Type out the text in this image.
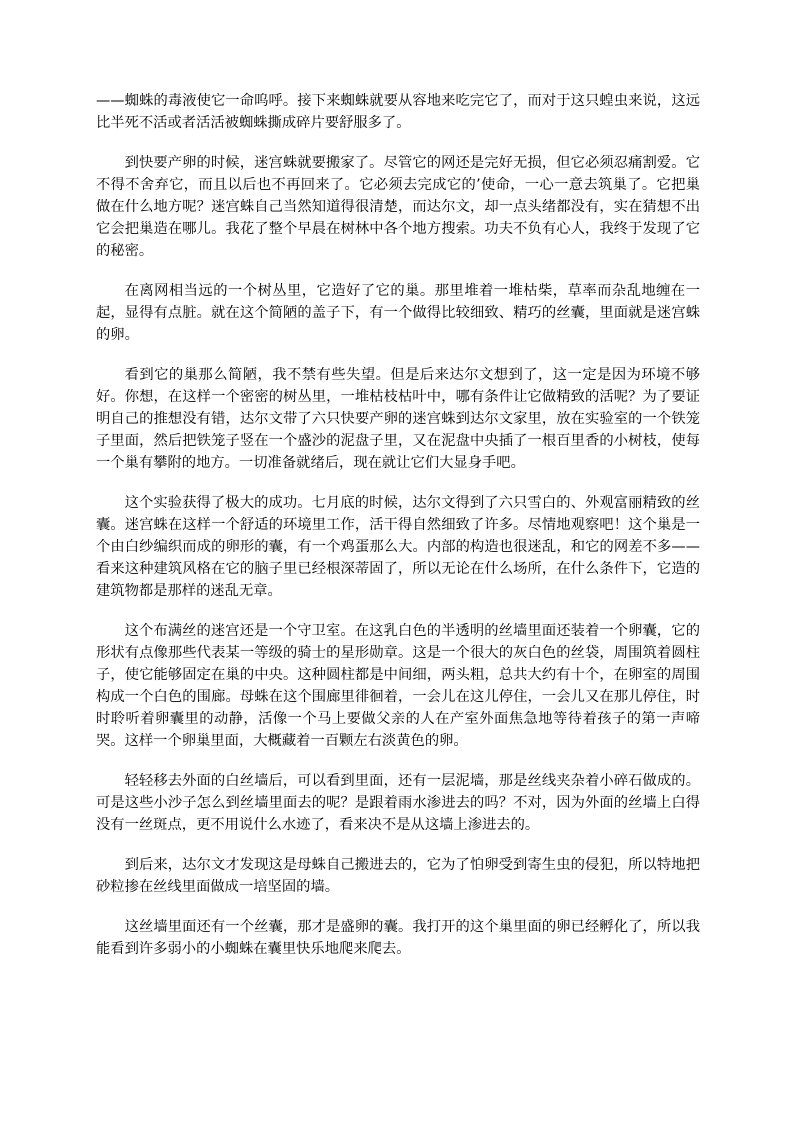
——蜘蛛的毒液使它一命呜呼。接下来蜘蛛就要从容地来吃完它了，而对于这只蝗虫来说，这远比半死不活或者活活被蜘蛛撕成碎片要舒服多了。

到快要产卵的时候，迷宫蛛就要搬家了。尽管它的网还是完好无损，但它必须忍痛割爱。它不得不舍弃它，而且以后也不再回来了。它必须去完成它的’使命，一心一意去筑巢了。它把巢做在什么地方呢？迷宫蛛自己当然知道得很清楚，而达尔文，却一点头绪都没有，实在猜想不出它会把巢造在哪儿。我花了整个早晨在树林中各个地方搜索。功夫不负有心人，我终于发现了它的秘密。

在离网相当远的一个树丛里，它造好了它的巢。那里堆着一堆枯柴，草率而杂乱地缠在一起，显得有点脏。就在这个简陋的盖子下，有一个做得比较细致、精巧的丝囊，里面就是迷宫蛛的卵。

看到它的巢那么简陋，我不禁有些失望。但是后来达尔文想到了，这一定是因为环境不够好。你想，在这样一个密密的树丛里，一堆枯枝枯叶中，哪有条件让它做精致的活呢？为了要证明自己的推想没有错，达尔文带了六只快要产卵的迷宫蛛到达尔文家里，放在实验室的一个铁笼子里面，然后把铁笼子竖在一个盛沙的泥盘子里，又在泥盘中央插了一根百里香的小树枝，使每一个巢有攀附的地方。一切准备就绪后，现在就让它们大显身手吧。

这个实验获得了极大的成功。七月底的时候，达尔文得到了六只雪白的、外观富丽精致的丝囊。迷宫蛛在这样一个舒适的环境里工作，活干得自然细致了许多。尽情地观察吧！这个巢是一个由白纱编织而成的卵形的囊，有一个鸡蛋那么大。内部的构造也很迷乱，和它的网差不多——看来这种建筑风格在它的脑子里已经根深蒂固了，所以无论在什么场所，在什么条件下，它造的建筑物都是那样的迷乱无章。

这个布满丝的迷宫还是一个守卫室。在这乳白色的半透明的丝墙里面还装着一个卵囊，它的形状有点像那些代表某一等级的骑士的星形勋章。这是一个很大的灰白色的丝袋，周围筑着圆柱子，使它能够固定在巢的中央。这种圆柱都是中间细，两头粗，总共大约有十个，在卵室的周围构成一个白色的围廊。母蛛在这个围廊里徘徊着，一会儿在这儿停住，一会儿又在那儿停住，时时聆听着卵囊里的动静，活像一个马上要做父亲的人在产室外面焦急地等待着孩子的第一声啼哭。这样一个卵巢里面，大概藏着一百颗左右淡黄色的卵。

轻轻移去外面的白丝墙后，可以看到里面，还有一层泥墙，那是丝线夹杂着小碎石做成的。可是这些小沙子怎么到丝墙里面去的呢？是跟着雨水渗进去的吗？不对，因为外面的丝墙上白得没有一丝斑点，更不用说什么水迹了，看来决不是从这墙上渗进去的。

到后来，达尔文才发现这是母蛛自己搬进去的，它为了怕卵受到寄生虫的侵犯，所以特地把砂粒掺在丝线里面做成一培坚固的墙。

这丝墙里面还有一个丝囊，那才是盛卵的囊。我打开的这个巢里面的卵已经孵化了，所以我能看到许多弱小的小蜘蛛在囊里快乐地爬来爬去。
